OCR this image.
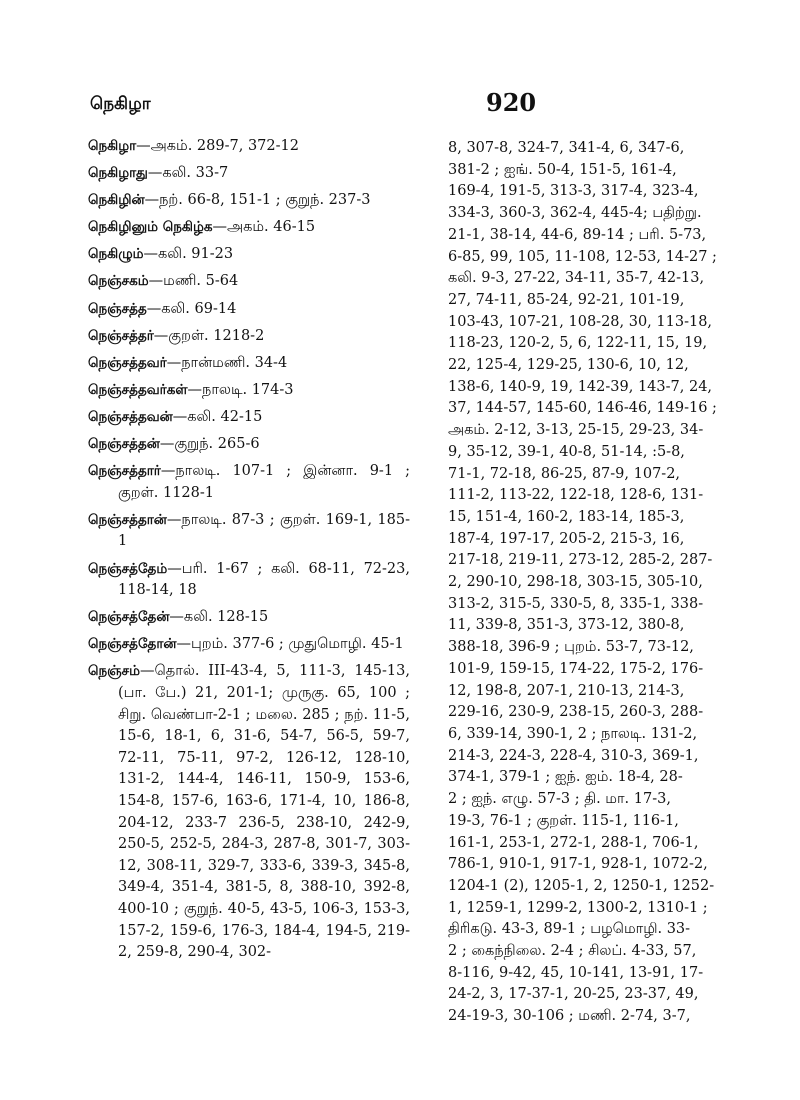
நெகிழா	920
நெகிழா—அகம். 289-7, 372-12
நெகிழாது—கலி. 33-7
நெகிழின்—நற். 66-8, 151-1 ; குறுந். 237-3
நெகிழினும் நெகிழ்க—அகம். 46-15
நெகிழும்—கலி. 91-23
நெஞ்சகம்—மணி. 5-64
நெஞ்சத்த—கலி. 69-14
நெஞ்சத்தர்—குறள். 1218-2
நெஞ்சத்தவர்—நான்மணி. 34-4
நெஞ்சத்தவர்கள்—நாலடி. 174-3
நெஞ்சத்தவன்—கலி. 42-15
நெஞ்சத்தன்—குறுந். 265-6
நெஞ்சத்தார்—நாலடி. 107-1 ; இன்னா. 9-1 ; குறள். 1128-1
நெஞ்சத்தான்—நாலடி. 87-3 ; குறள். 169-1, 185-1
நெஞ்சத்தேம்—பரி. 1-67 ; கலி. 68-11, 72-23, 118-14, 18
நெஞ்சத்தேன்—கலி. 128-15
நெஞ்சத்தோன்—புறம். 377-6 ; முதுமொழி. 45-1
நெஞ்சம்—தொல். III-43-4, 5, 111-3, 145-13, (பா. பே.) 21, 201-1; முருகு. 65, 100 ; சிறு. வெண்பா-2-1 ; மலை. 285 ; நற். 11-5, 15-6, 18-1, 6, 31-6, 54-7, 56-5, 59-7, 72-11, 75-11, 97-2, 126-12, 128-10, 131-2, 144-4, 146-11, 150-9, 153-6, 154-8, 157-6, 163-6, 171-4, 10, 186-8, 204-12, 233-7 236-5, 238-10, 242-9, 250-5, 252-5, 284-3, 287-8, 301-7, 303-12, 308-11, 329-7, 333-6, 339-3, 345-8, 349-4, 351-4, 381-5, 8, 388-10, 392-8, 400-10 ; குறுந். 40-5, 43-5, 106-3, 153-3, 157-2, 159-6, 176-3, 184-4, 194-5, 219-2, 259-8, 290-4, 302-
8, 307-8, 324-7, 341-4, 6, 347-6,
381-2 ; ஐங். 50-4, 151-5, 161-4,
169-4, 191-5, 313-3, 317-4, 323-4,
334-3, 360-3, 362-4, 445-4; பதிற்று.
21-1, 38-14, 44-6, 89-14 ; பரி. 5-73,
6-85, 99, 105, 11-108, 12-53, 14-27 ;
கலி. 9-3, 27-22, 34-11, 35-7, 42-13,
27, 74-11, 85-24, 92-21, 101-19,
103-43, 107-21, 108-28, 30, 113-18,
118-23, 120-2, 5, 6, 122-11, 15, 19,
22, 125-4, 129-25, 130-6, 10, 12,
138-6, 140-9, 19, 142-39, 143-7, 24,
37, 144-57, 145-60, 146-46, 149-16 ;
அகம். 2-12, 3-13, 25-15, 29-23, 34-
9, 35-12, 39-1, 40-8, 51-14, :5-8,
71-1, 72-18, 86-25, 87-9, 107-2,
111-2, 113-22, 122-18, 128-6, 131-
15, 151-4, 160-2, 183-14, 185-3,
187-4, 197-17, 205-2, 215-3, 16,
217-18, 219-11, 273-12, 285-2, 287-
2, 290-10, 298-18, 303-15, 305-10,
313-2, 315-5, 330-5, 8, 335-1, 338-
11, 339-8, 351-3, 373-12, 380-8,
388-18, 396-9 ; புறம். 53-7, 73-12,
101-9, 159-15, 174-22, 175-2, 176-
12, 198-8, 207-1, 210-13, 214-3,
229-16, 230-9, 238-15, 260-3, 288-
6, 339-14, 390-1, 2 ; நாலடி. 131-2,
214-3, 224-3, 228-4, 310-3, 369-1,
374-1, 379-1 ; ஐந். ஐம். 18-4, 28-
2 ; ஐந். எழு. 57-3 ; தி. மா. 17-3,
19-3, 76-1 ; குறள். 115-1, 116-1,
161-1, 253-1, 272-1, 288-1, 706-1,
786-1, 910-1, 917-1, 928-1, 1072-2,
1204-1 (2), 1205-1, 2, 1250-1, 1252-
1, 1259-1, 1299-2, 1300-2, 1310-1 ;
திரிகடு. 43-3, 89-1 ; பழமொழி. 33-
2 ; கைந்நிலை. 2-4 ; சிலப். 4-33, 57,
8-116, 9-42, 45, 10-141, 13-91, 17-
24-2, 3, 17-37-1, 20-25, 23-37, 49,
24-19-3, 30-106 ; மணி. 2-74, 3-7,
